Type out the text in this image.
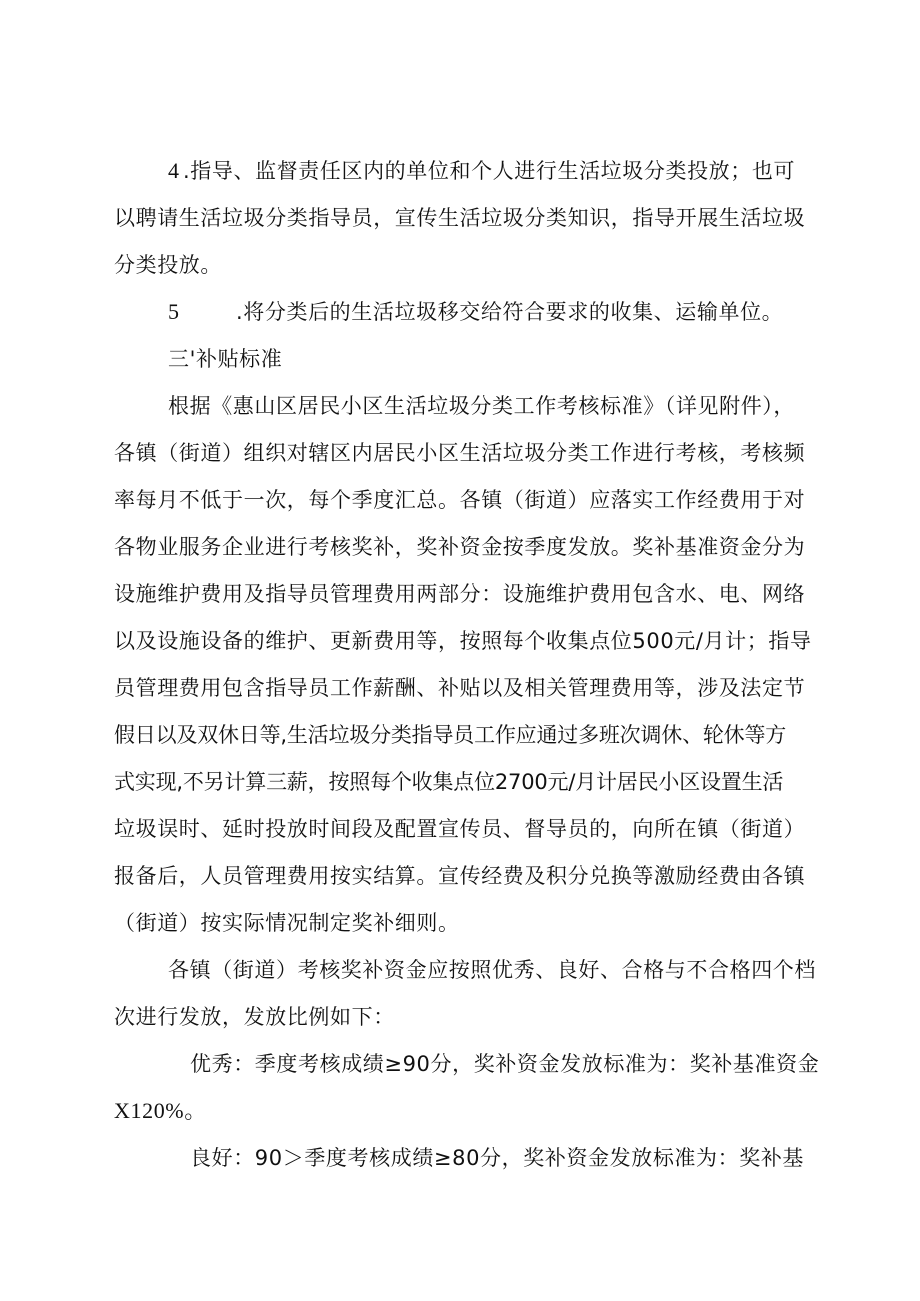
4 .指导、监督责任区内的单位和个人进行生活垃圾分类投放；也可

以聘请生活垃圾分类指导员，宣传生活垃圾分类知识，指导开展生活垃圾

分类投放。

5	.将分类后的生活垃圾移交给符合要求的收集、运输单位。

三'补贴标准

根据《惠山区居民小区生活垃圾分类工作考核标准》（详见附件），

各镇（街道）组织对辖区内居民小区生活垃圾分类工作进行考核，考核频

率每月不低于一次，每个季度汇总。各镇（街道）应落实工作经费用于对

各物业服务企业进行考核奖补，奖补资金按季度发放。奖补基准资金分为

设施维护费用及指导员管理费用两部分：设施维护费用包含水、电、网络

以及设施设备的维护、更新费用等，按照每个收集点位500元/月计；指导

员管理费用包含指导员工作薪酬、补贴以及相关管理费用等，涉及法定节

假日以及双休日等,生活垃圾分类指导员工作应通过多班次调休、轮休等方

式实现,不另计算三薪，按照每个收集点位2700元/月计居民小区设置生活

垃圾误时、延时投放时间段及配置宣传员、督导员的，向所在镇（街道）

报备后，人员管理费用按实结算。宣传经费及积分兑换等激励经费由各镇

（街道）按实际情况制定奖补细则。

各镇（街道）考核奖补资金应按照优秀、良好、合格与不合格四个档

次进行发放，发放比例如下：

优秀：季度考核成绩≥90分，奖补资金发放标准为：奖补基准资金

X120%。

良好：90＞季度考核成绩≥80分，奖补资金发放标准为：奖补基
